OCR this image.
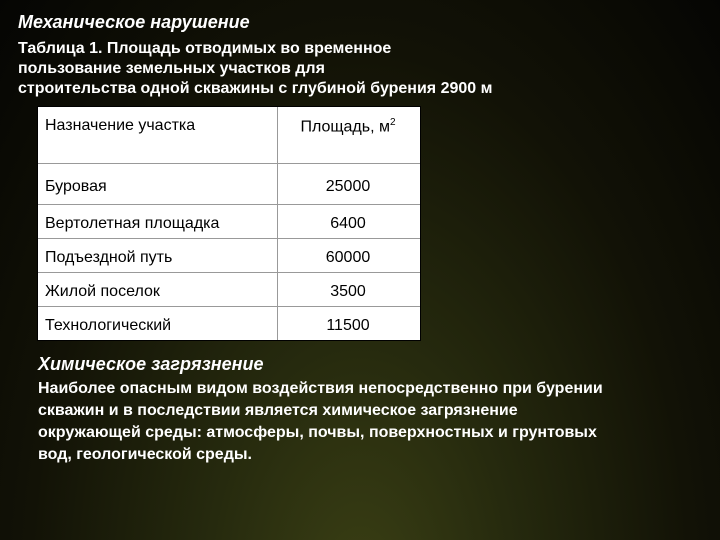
Механическое нарушение
Таблица 1. Площадь отводимых во временное
пользование земельных участков для
строительства одной скважины с глубиной бурения 2900 м
Назначение участка	Площадь, $м^2$
Буровая	25000
Вертолетная площадка	6400
Подъездной путь	60000
Жилой поселок	3500
Технологический	11500
Химическое загрязнение
Наиболее опасным видом воздействия непосредственно при бурении
скважин и в последствии является химическое загрязнение
окружающей среды: атмосферы, почвы, поверхностных и грунтовых
вод, геологической среды.
